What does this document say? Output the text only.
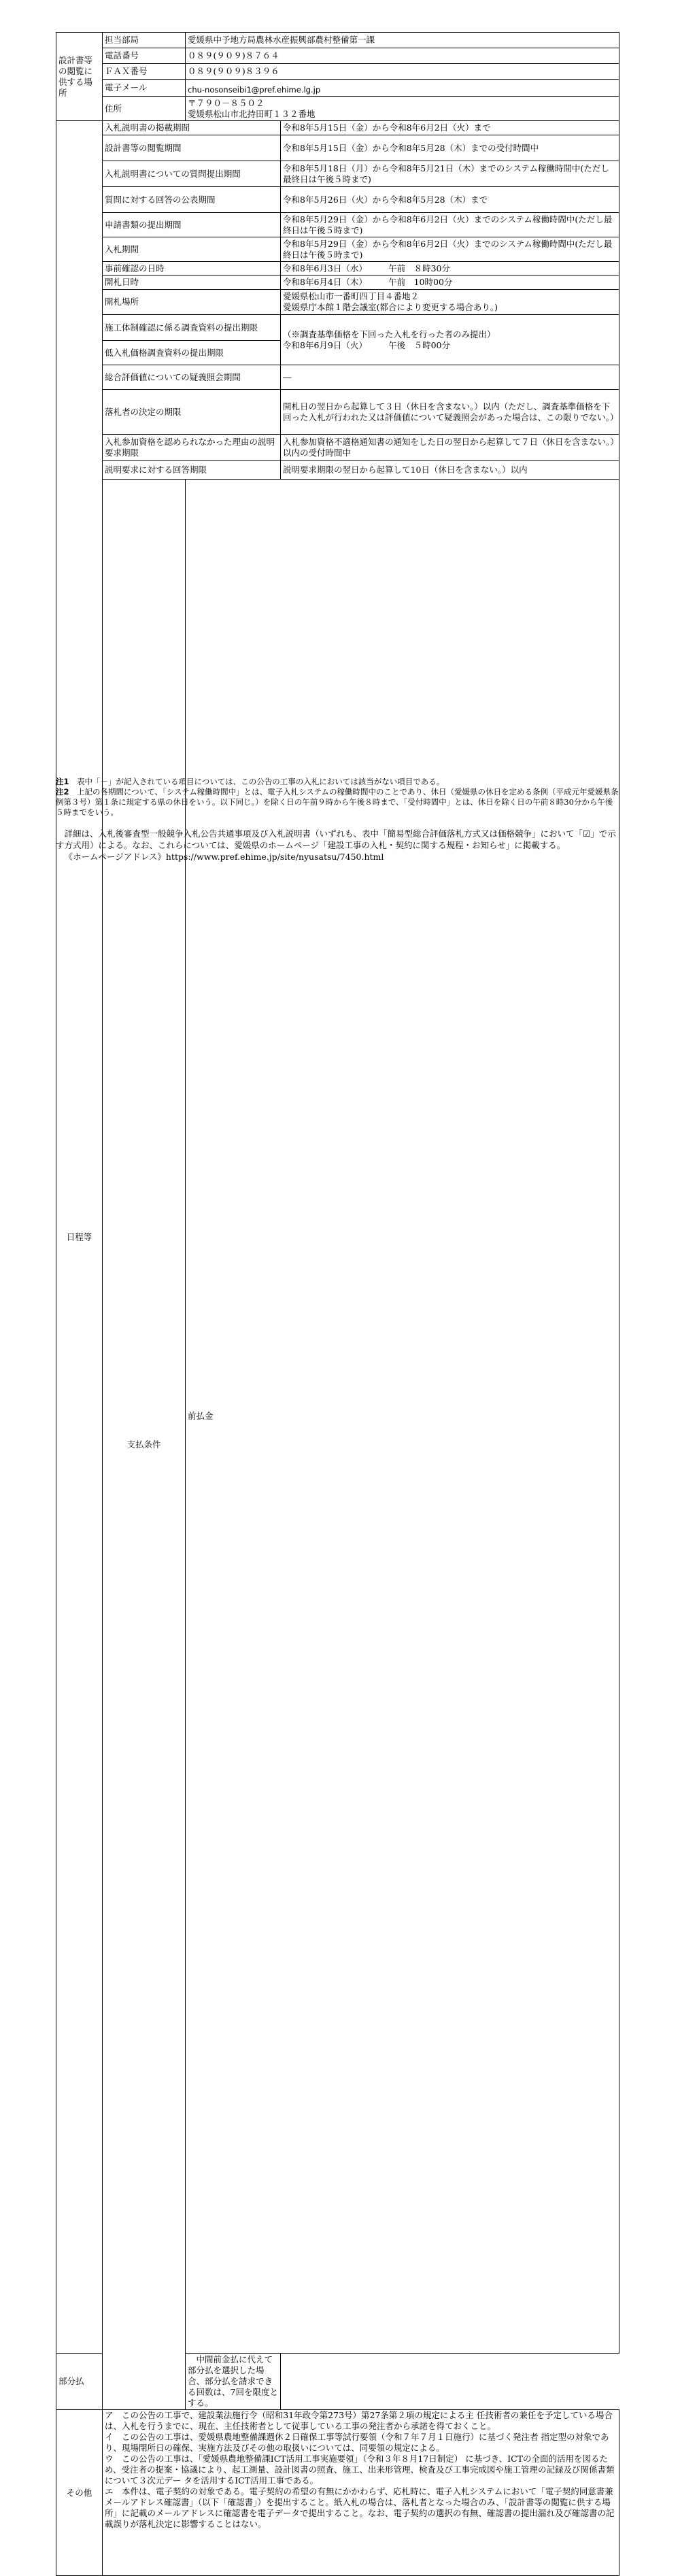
設計書等の閲覧に供する場所	担当部局	愛媛県中予地方局農林水産振興部農村整備第一課		
	電話番号	０８９(９０９)８７６４		
	ＦＡＸ番号	０８９(９０９)８３９６		
	電子メール	chu-nosonseibi1@pref.ehime.lg.jp		
	住所	〒７９０－８５０２
愛媛県松山市北持田町１３２番地		
日程等	入札説明書の掲載期間		令和8年5月15日（金）から令和8年6月2日（火）まで	
	設計書等の閲覧期間		令和8年5月15日（金）から令和8年5月28（木）までの受付時間中	
	入札説明書についての質問提出期間		令和8年5月18日（月）から令和8年5月21日（木）までのシステム稼働時間中(ただし最終日は午後５時まで)	
	質問に対する回答の公表期間		令和8年5月26日（火）から令和8年5月28（木）まで	
	申請書類の提出期間		令和8年5月29日（金）から令和8年6月2日（火）までのシステム稼働時間中(ただし最終日は午後５時まで)	
	入札期間		令和8年5月29日（金）から令和8年6月2日（火）までのシステム稼働時間中(ただし最終日は午後５時まで)	
	事前確認の日時		令和8年6月3日（水）　　　午前　８時30分	
	開札日時		令和8年6月4日（木）　　　午前　10時00分	
	開札場所		愛媛県松山市一番町四丁目４番地２
愛媛県庁本館１階会議室(都合により変更する場合あり。)	
	施工体制確認に係る調査資料の提出期限		（※調査基準価格を下回った入札を行った者のみ提出）
令和8年6月9日（火）　　　午後　５時00分	
	低入札価格調査資料の提出期限			
	総合評価値についての疑義照会期間		―	
	落札者の決定の期限		開札日の翌日から起算して３日（休日を含まない。）以内（ただし、調査基準価格を下回った入札が行われた又は評価値について疑義照会があった場合は、この限りでない。）	
	入札参加資格を認められなかった理由の説明要求期限		入札参加資格不適格通知書の通知をした日の翌日から起算して７日（休日を含まない。）以内の受付時間中	
	説明要求に対する回答期限		説明要求期限の翌日から起算して10日（休日を含まない。）以内	
	支払条件	前払金	

部分払		中間前金払に代えて部分払を選択した場合、部分払を請求できる回数は、7回を限度とする。		
その他	ア　この公告の工事で、建設業法施行令（昭和31年政令第273号）第27条第２項の規定による主 任技術者の兼任を予定している場合は、入札を行うまでに、現在、主任技術者として従事している工事の発注者から承諾を得ておくこと。

イ　この公告の工事は、愛媛県農地整備課週休２日確保工事等試行要領（令和７年７月１日施行）に基づく発注者 指定型の対象であり、現場閉所日の確保、実施方法及びその他の取扱いについては、同要領の規定による。

ウ　この公告の工事は、「愛媛県農地整備課ICT活用工事実施要領」（令和３年８月17日制定） に基づき、ICTの全面的活用を図るため、受注者の提案・協議により、起工測量、設計図書の照査、施工、出来形管理、検査及び工事完成図や施工管理の記録及び関係書類について３次元デー タを活用するICT活用工事である。

エ　本件は、電子契約の対象である。電子契約の希望の有無にかかわらず、応札時に、電子入札システムにおいて「電子契約同意書兼メールアドレス確認書」（以下「確認書」）を提出すること。紙入札の場合は、落札者となった場合のみ、「設計書等の閲覧に供する場所」に記載のメールアドレスに確認書を電子データで提出すること。なお、電子契約の選択の有無、確認書の提出漏れ及び確認書の記載誤りが落札決定に影響することはない。			

注1　 表中「－」が記入されている項目については、この公告の工事の入札においては該当がない項目である。

注2　 上記の各期間について、「システム稼働時間中」とは、電子入札システムの稼働時間中のことであり、休日（愛媛県の休日を定める条例（平成元年愛媛県条例第３号）第１条に規定する県の休日をいう。以下同じ。）を除く日の午前９時から午後８時まで、「受付時間中」とは、休日を除く日の午前８時30分から午後５時までをいう。

詳細は、入札後審査型一般競争入札公告共通事項及び入札説明書（いずれも、表中「簡易型総合評価落札方式又は価格競争」において「☑」で示す方式用）による。なお、これらについては、愛媛県のホームページ「建設工事の入札・契約に関する規程・お知らせ」に掲載する。

《ホームページアドレス》https://www.pref.ehime.jp/site/nyusatsu/7450.html
